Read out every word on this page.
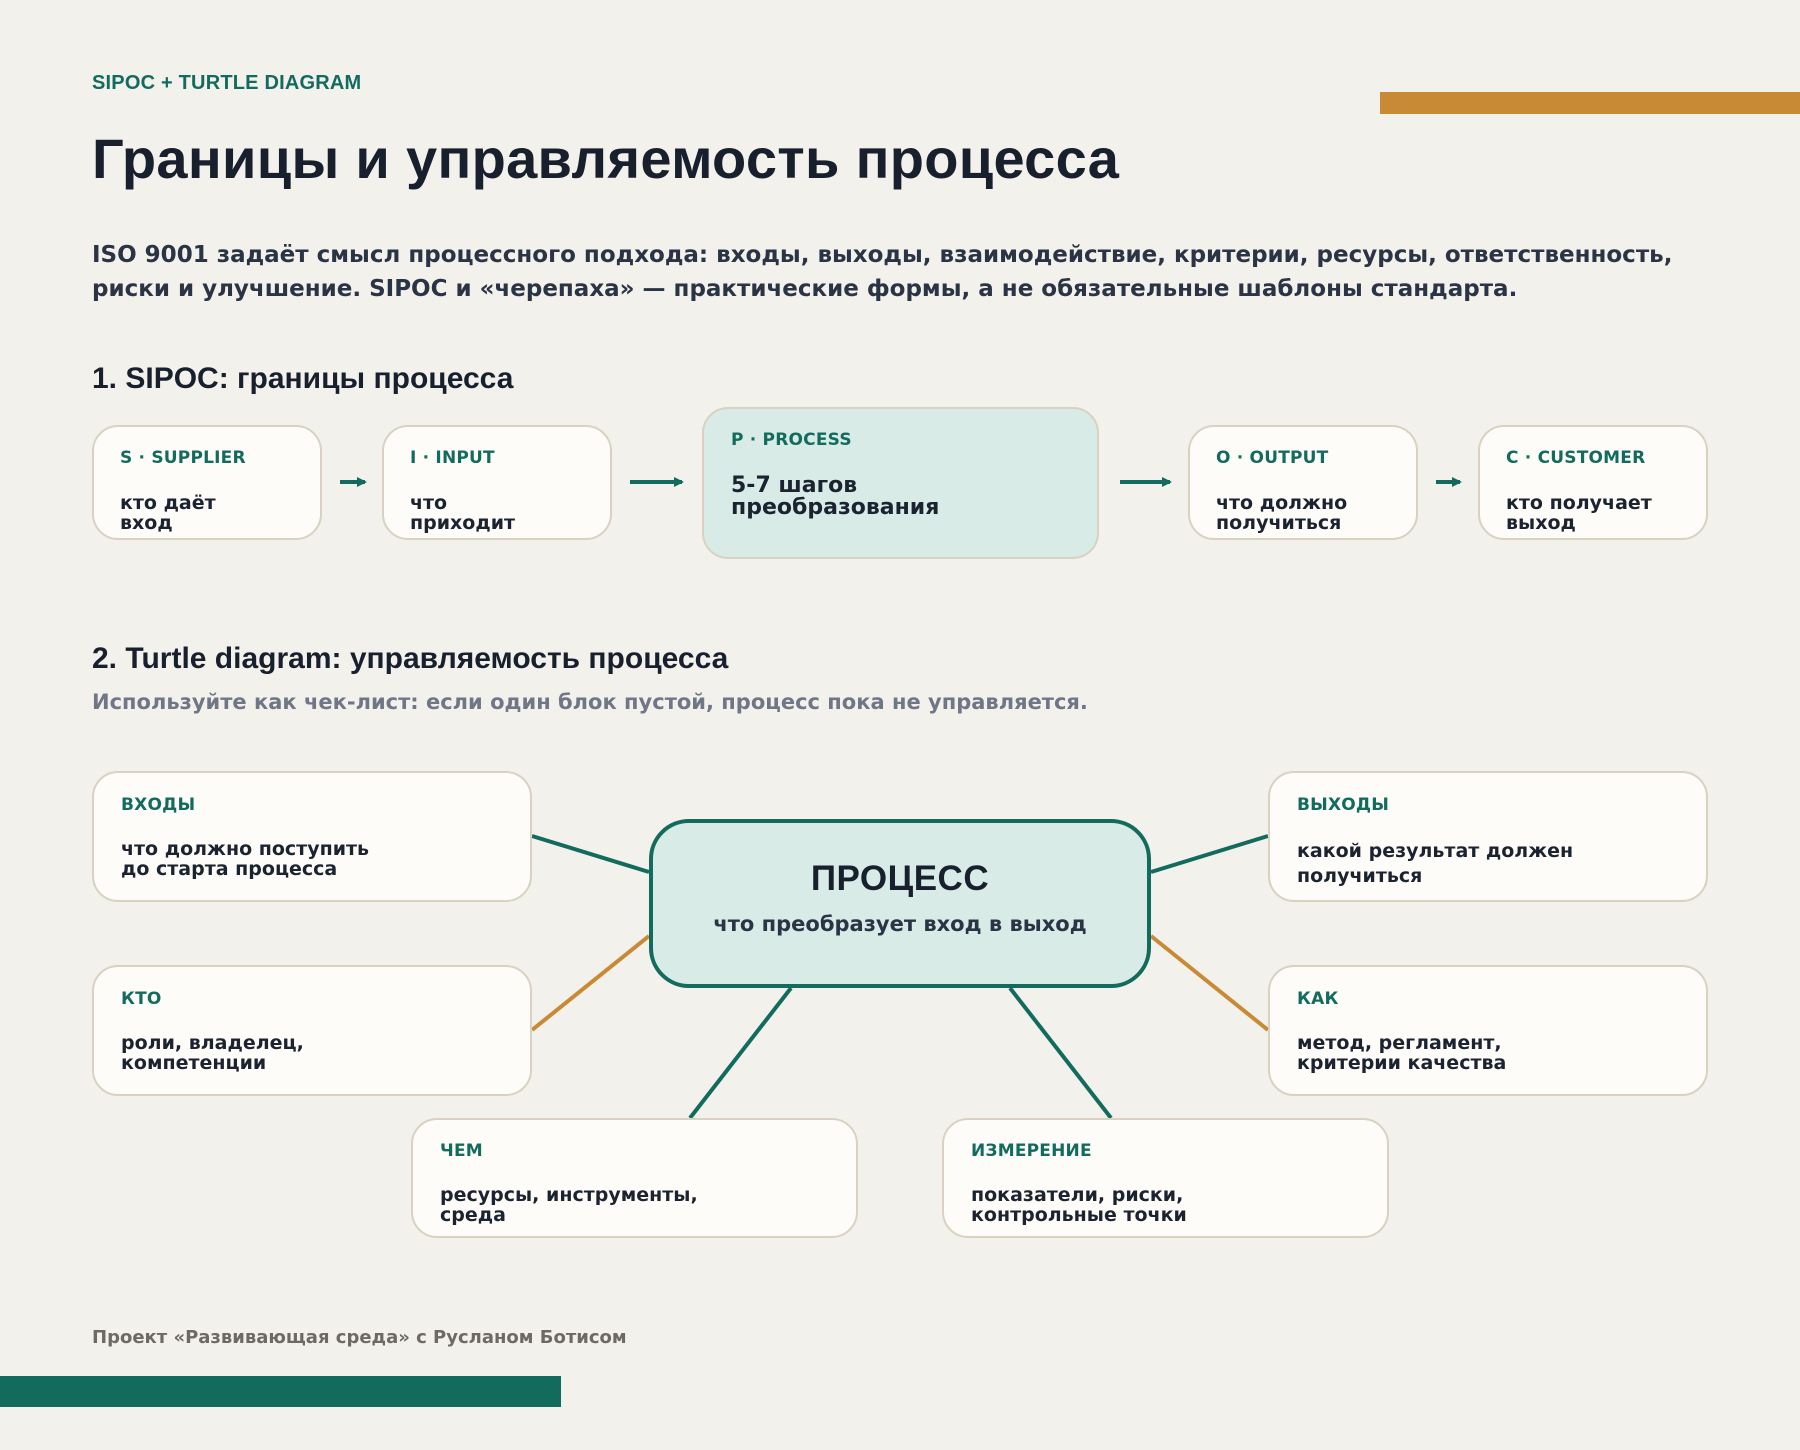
SIPOC + TURTLE DIAGRAM
Границы и управляемость процесса
ISO 9001 задаёт смысл процессного подхода: входы, выходы, взаимодействие, критерии, ресурсы, ответственность,
риски и улучшение. SIPOC и «черепаха» — практические формы, а не обязательные шаблоны стандарта.
1. SIPOC: границы процесса
S · SUPPLIER
кто даёт
вход
I · INPUT
что
приходит
P · PROCESS
5-7 шагов
преобразования
O · OUTPUT
что должно
получиться
C · CUSTOMER
кто получает
выход
2. Turtle diagram: управляемость процесса
Используйте как чек-лист: если один блок пустой, процесс пока не управляется.
ВХОДЫ
что должно поступить
до старта процесса
ВЫХОДЫ
какой результат должен
получиться
КТО
роли, владелец,
компетенции
КАК
метод, регламент,
критерии качества
ЧЕМ
ресурсы, инструменты,
среда
ИЗМЕРЕНИЕ
показатели, риски,
контрольные точки
ПРОЦЕСС
что преобразует вход в выход
Проект «Развивающая среда» с Русланом Ботисом
